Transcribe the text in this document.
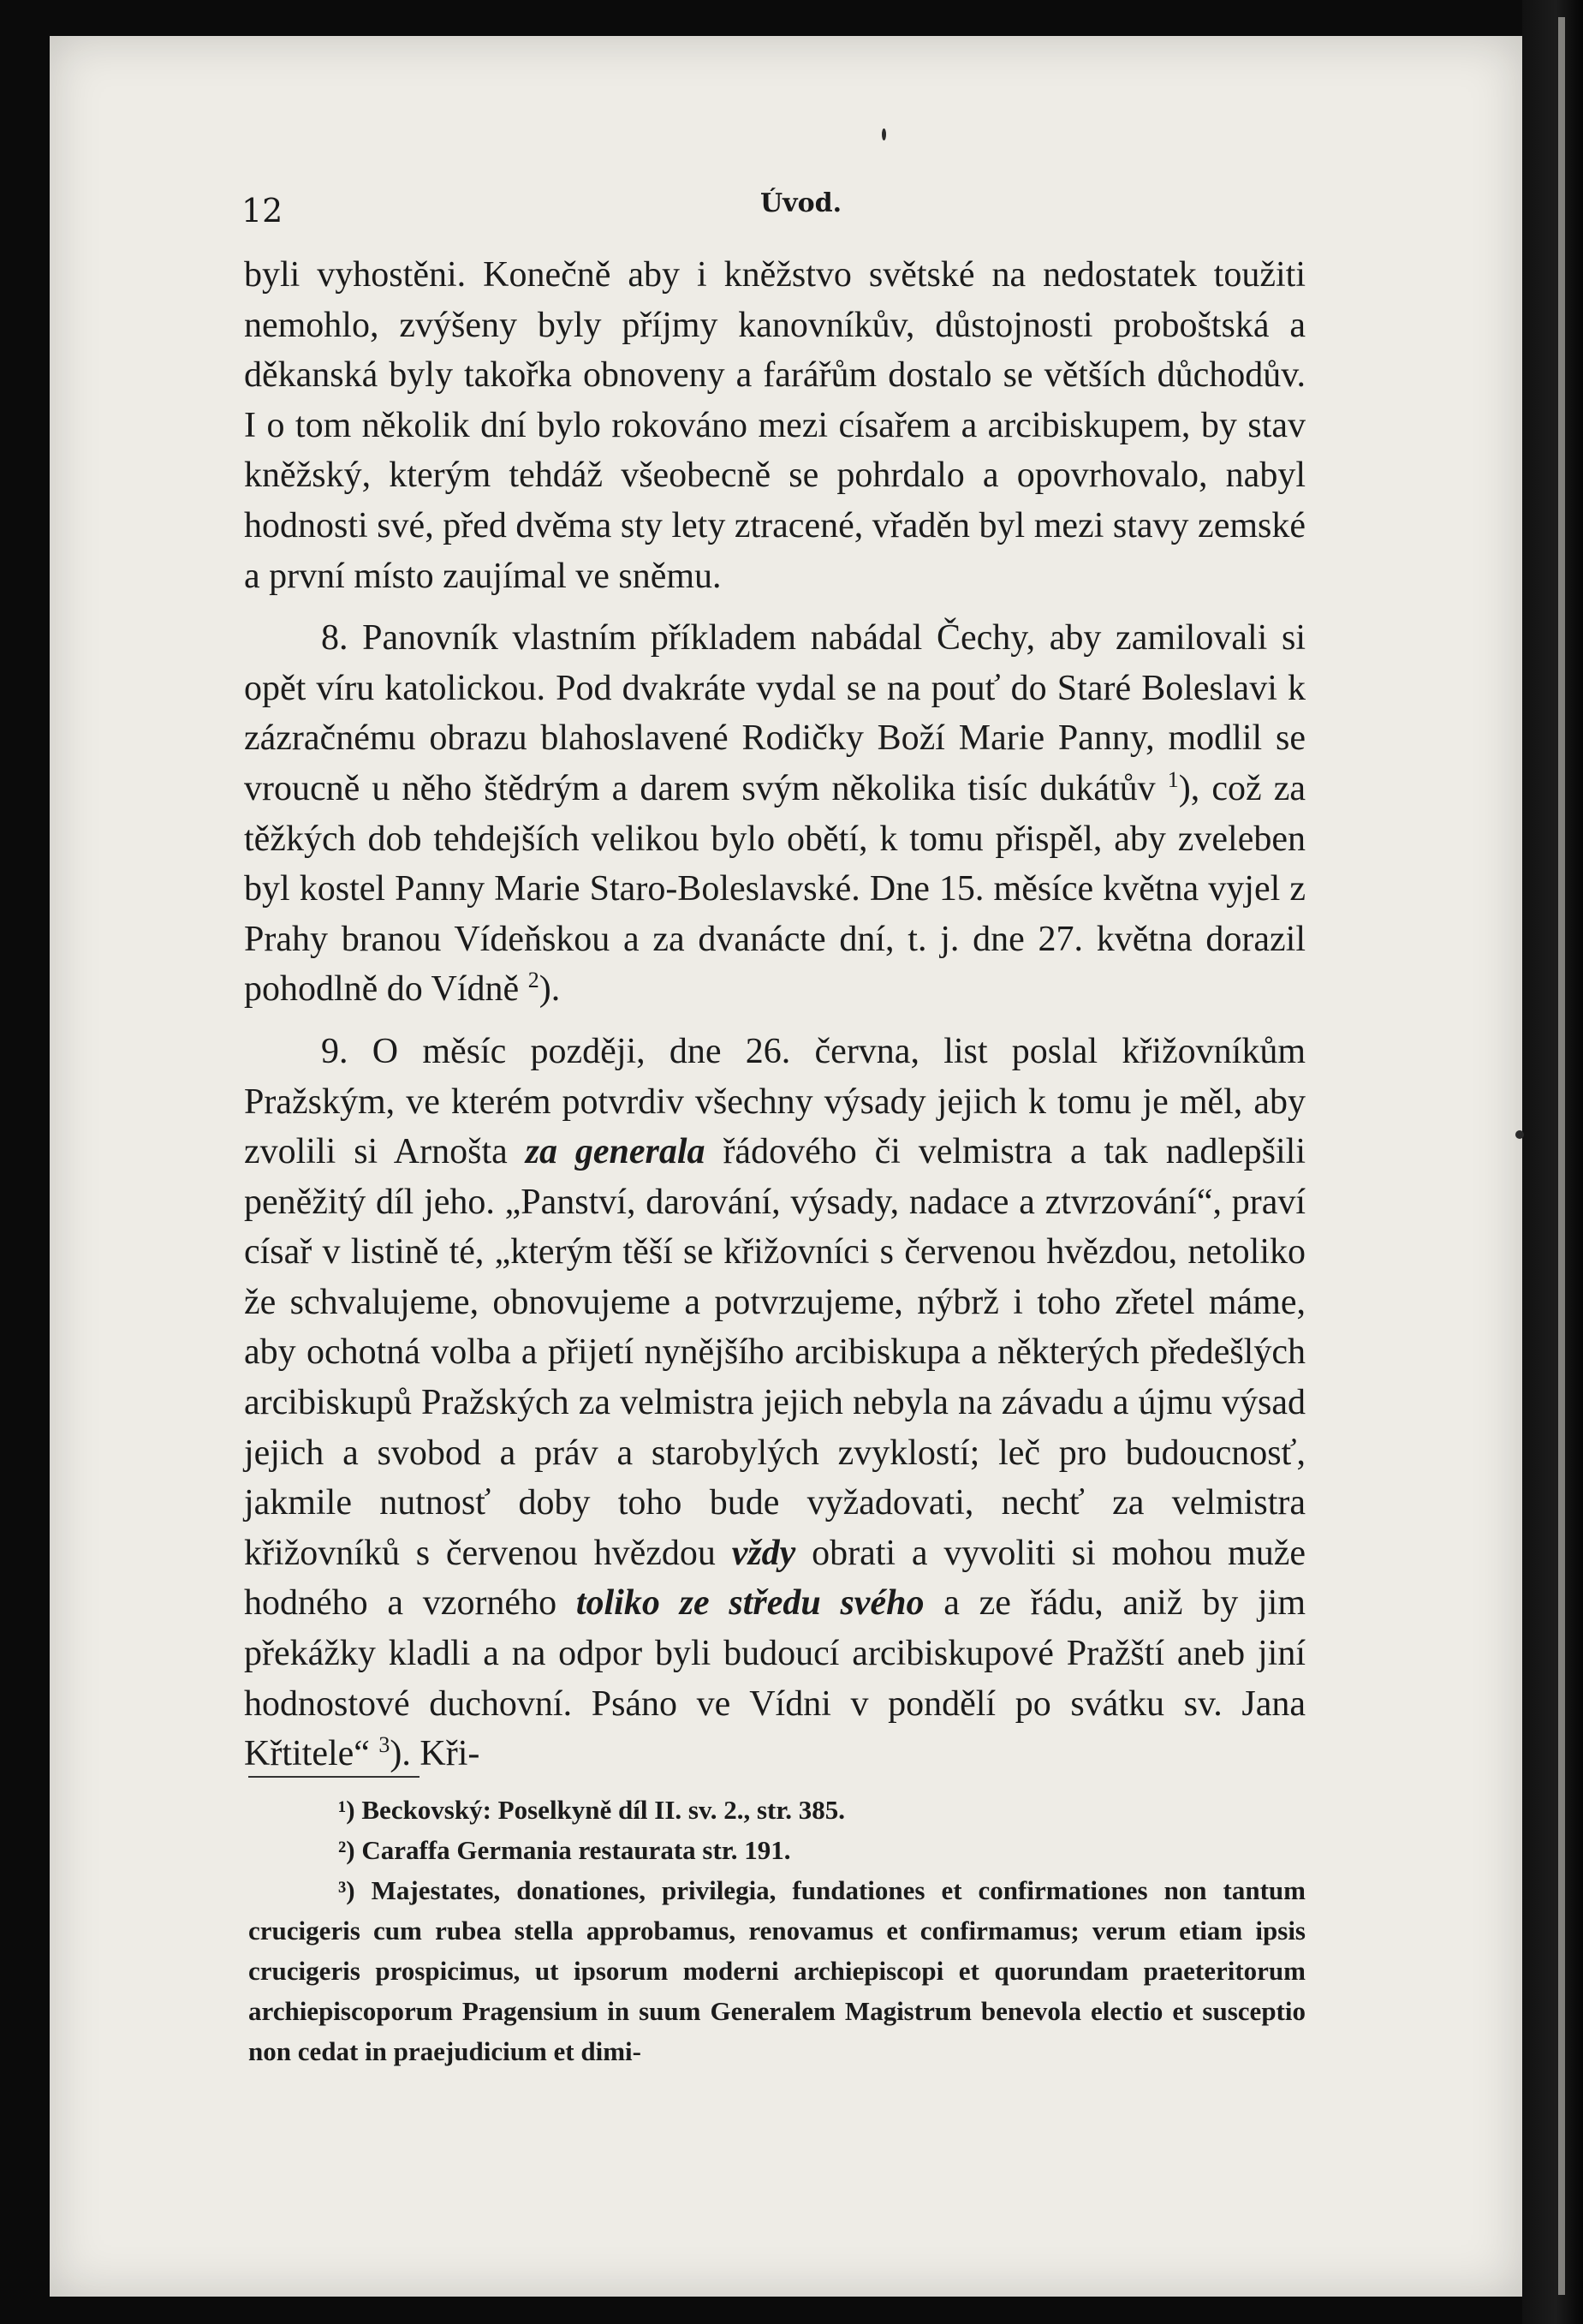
12	Úvod.

byli vyhostěni. Konečně aby i kněžstvo světské na nedostatek toužiti nemohlo, zvýšeny byly příjmy kanovníkův, důstojnosti proboštská a děkanská byly takořka obnoveny a farářům dostalo se větších důchodův. I o tom několik dní bylo rokováno mezi císařem a arcibiskupem, by stav kněžský, kterým tehdáž všeobecně se pohrdalo a opovrhovalo, nabyl hodnosti své, před dvěma sty lety ztracené, vřaděn byl mezi stavy zemské a první místo zaujímal ve sněmu.

8. Panovník vlastním příkladem nabádal Čechy, aby zamilovali si opět víru katolickou. Pod dvakráte vydal se na pouť do Staré Boleslavi k zázračnému obrazu blahoslavené Rodičky Boží Marie Panny, modlil se vroucně u něho štědrým a darem svým několika tisíc dukátův $^1$), což za těžkých dob tehdejších velikou bylo obětí, k tomu přispěl, aby zveleben byl kostel Panny Marie Staro-Boleslavské. Dne 15. měsíce května vyjel z Prahy branou Vídeňskou a za dvanácte dní, t. j. dne 27. května dorazil pohodlně do Vídně $^2$).

9. O měsíc později, dne 26. června, list poslal křižovníkům Pražským, ve kterém potvrdiv všechny výsady jejich k tomu je měl, aby zvolili si Arnošta za generala řádového či velmistra a tak nadlepšili peněžitý díl jeho. „Panství, darování, výsady, nadace a ztvrzování“, praví císař v listině té, „kterým těší se křižovníci s červenou hvězdou, netoliko že schvalujeme, obnovujeme a potvrzujeme, nýbrž i toho zřetel máme, aby ochotná volba a přijetí nynějšího arcibiskupa a některých předešlých arcibiskupů Pražských za velmistra jejich nebyla na závadu a újmu výsad jejich a svobod a práv a starobylých zvyklostí; leč pro budoucnosť, jakmile nutnosť doby toho bude vyžadovati, nechť za velmistra křižovníků s červenou hvězdou vždy obrati a vyvoliti si mohou muže hodného a vzorného toliko ze středu svého a ze řádu, aniž by jim překážky kladli a na odpor byli budoucí arcibiskupové Pražští aneb jiní hodnostové duchovní. Psáno ve Vídni v pondělí po svátku sv. Jana Křtitele“ $^3$). Kři-

¹) Beckovský: Poselkyně díl II. sv. 2., str. 385.

²) Caraffa Germania restaurata str. 191.

³) Majestates, donationes, privilegia, fundationes et confirmationes non tantum crucigeris cum rubea stella approbamus, renovamus et confirmamus; verum etiam ipsis crucigeris prospicimus, ut ipsorum moderni archiepiscopi et quorundam praeteritorum archiepiscoporum Pragensium in suum Generalem Magistrum benevola electio et susceptio non cedat in praejudicium et dimi-
